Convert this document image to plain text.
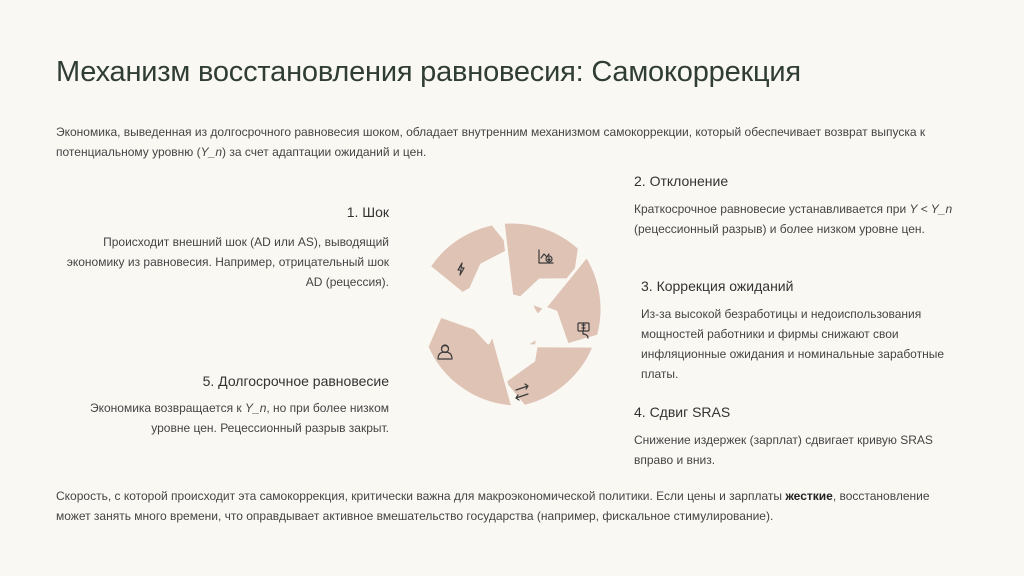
Механизм восстановления равновесия: Самокоррекция

Экономика, выведенная из долгосрочного равновесия шоком, обладает внутренним механизмом самокоррекции, который обеспечивает возврат выпуска к потенциальному уровню (Y_n) за счет адаптации ожиданий и цен.

1. Шок

Происходит внешний шок (AD или AS), выводящий экономику из равновесия. Например, отрицательный шок AD (рецессия).

5. Долгосрочное равновесие

Экономика возвращается к Y_n, но при более низком уровне цен. Рецессионный разрыв закрыт.

2. Отклонение

Краткосрочное равновесие устанавливается при Y < Y_n (рецессионный разрыв) и более низком уровне цен.

3. Коррекция ожиданий

Из-за высокой безработицы и недоиспользования мощностей работники и фирмы снижают свои инфляционные ожидания и номинальные заработные платы.

4. Сдвиг SRAS

Снижение издержек (зарплат) сдвигает кривую SRAS вправо и вниз.

Скорость, с которой происходит эта самокоррекция, критически важна для макроэкономической политики. Если цены и зарплаты жесткие, восстановление может занять много времени, что оправдывает активное вмешательство государства (например, фискальное стимулирование).
